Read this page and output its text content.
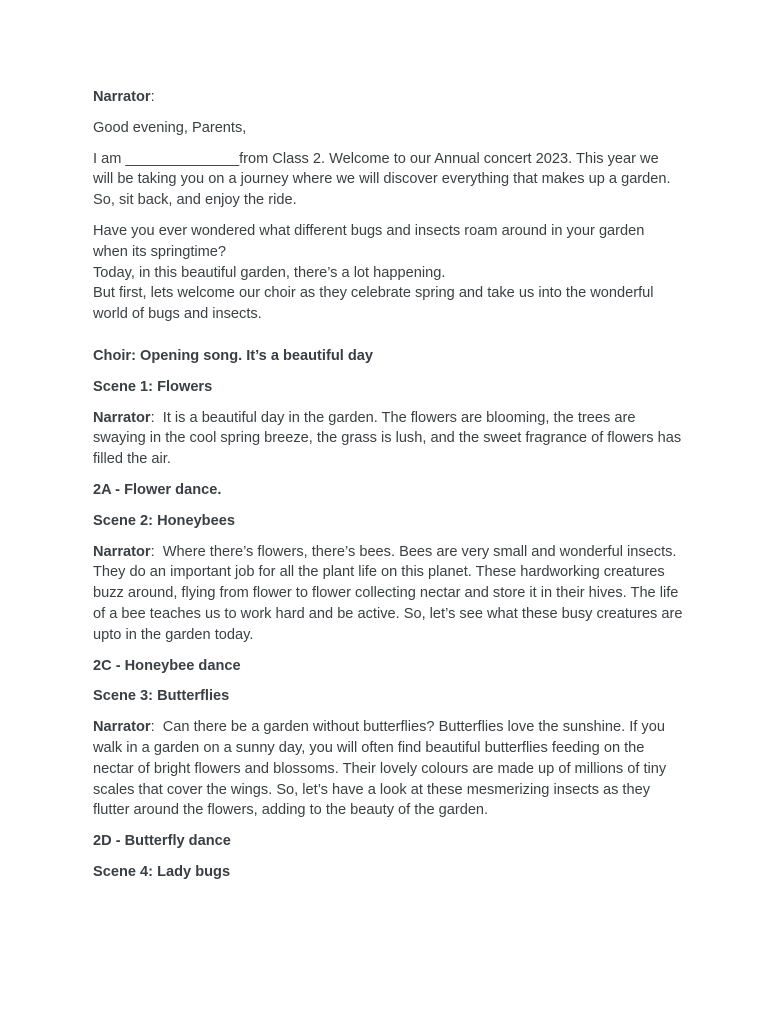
Narrator:

Good evening, Parents,

I am ______________from Class 2. Welcome to our Annual concert 2023. This year we will be taking you on a journey where we will discover everything that makes up a garden. So, sit back, and enjoy the ride.

Have you ever wondered what different bugs and insects roam around in your garden when its springtime?
Today, in this beautiful garden, there’s a lot happening.
But first, lets welcome our choir as they celebrate spring and take us into the wonderful world of bugs and insects.

Choir: Opening song. It’s a beautiful day

Scene 1: Flowers

Narrator: It is a beautiful day in the garden. The flowers are blooming, the trees are swaying in the cool spring breeze, the grass is lush, and the sweet fragrance of flowers has filled the air.

2A - Flower dance.

Scene 2: Honeybees

Narrator: Where there’s flowers, there’s bees. Bees are very small and wonderful insects. They do an important job for all the plant life on this planet. These hardworking creatures buzz around, flying from flower to flower collecting nectar and store it in their hives. The life of a bee teaches us to work hard and be active. So, let’s see what these busy creatures are upto in the garden today.

2C - Honeybee dance

Scene 3: Butterflies

Narrator: Can there be a garden without butterflies? Butterflies love the sunshine. If you walk in a garden on a sunny day, you will often find beautiful butterflies feeding on the nectar of bright flowers and blossoms. Their lovely colours are made up of millions of tiny scales that cover the wings. So, let’s have a look at these mesmerizing insects as they flutter around the flowers, adding to the beauty of the garden.

2D - Butterfly dance

Scene 4: Lady bugs
